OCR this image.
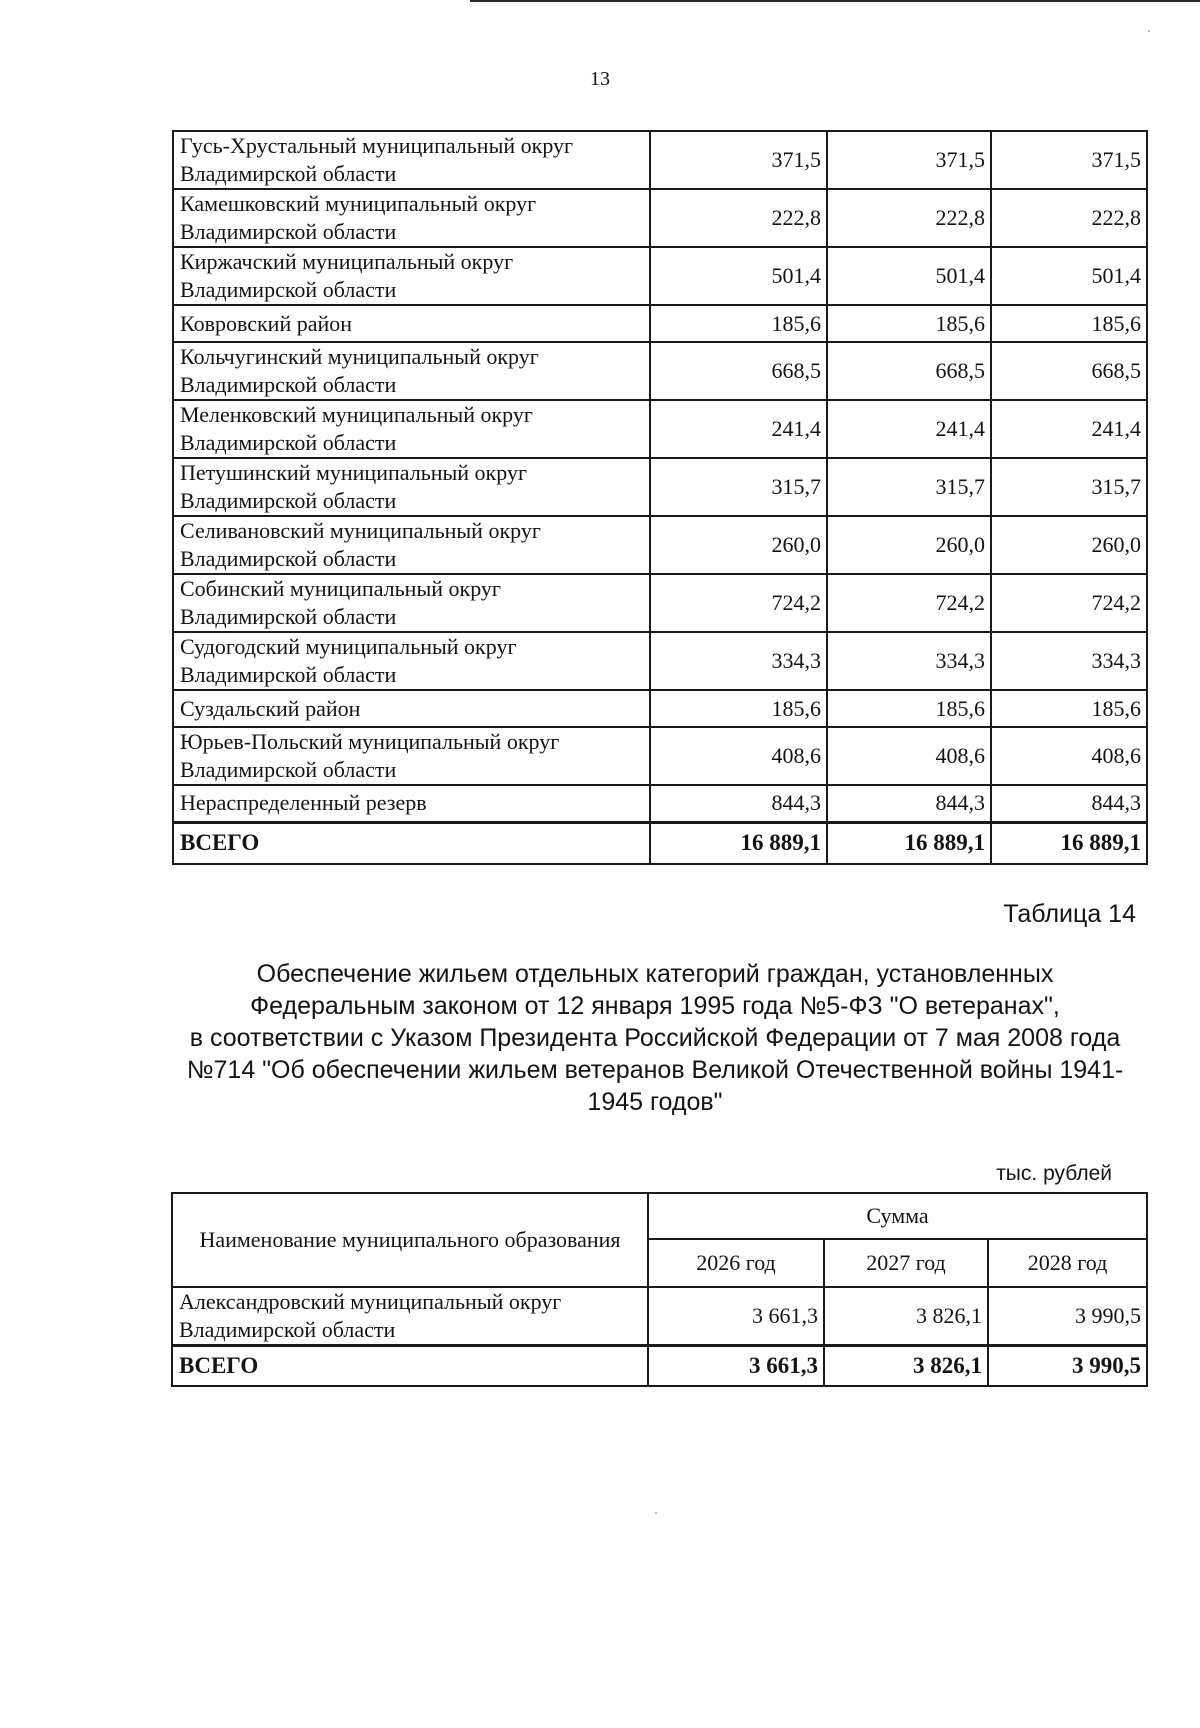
13
Гусь-Хрустальный муниципальный округ
Владимирской области	371,5	371,5	371,5

Камешковский муниципальный округ
Владимирской области	222,8	222,8	222,8

Киржачский муниципальный округ
Владимирской области	501,4	501,4	501,4

Ковровский район	185,6	185,6	185,6

Кольчугинский муниципальный округ
Владимирской области	668,5	668,5	668,5

Меленковский муниципальный округ
Владимирской области	241,4	241,4	241,4

Петушинский муниципальный округ
Владимирской области	315,7	315,7	315,7

Селивановский муниципальный округ
Владимирской области	260,0	260,0	260,0

Собинский муниципальный округ
Владимирской области	724,2	724,2	724,2

Судогодский муниципальный округ
Владимирской области	334,3	334,3	334,3

Суздальский район	185,6	185,6	185,6

Юрьев-Польский муниципальный округ
Владимирской области	408,6	408,6	408,6

Нераспределенный резерв	844,3	844,3	844,3
ВСЕГО	16 889,1	16 889,1	16 889,1
Таблица 14
Обеспечение жильем отдельных категорий граждан, установленных
Федеральным законом от 12 января 1995 года №5-ФЗ "О ветеранах",
в соответствии с Указом Президента Российской Федерации от 7 мая 2008 года
№714 "Об обеспечении жильем ветеранов Великой Отечественной войны 1941-
1945 годов"
тыс. рублей
Наименование муниципального образования	Сумма		
	2026 год	2027 год	2028 год

Александровский муниципальный округ
Владимирской области	3 661,3	3 826,1	3 990,5
ВСЕГО	3 661,3	3 826,1	3 990,5
